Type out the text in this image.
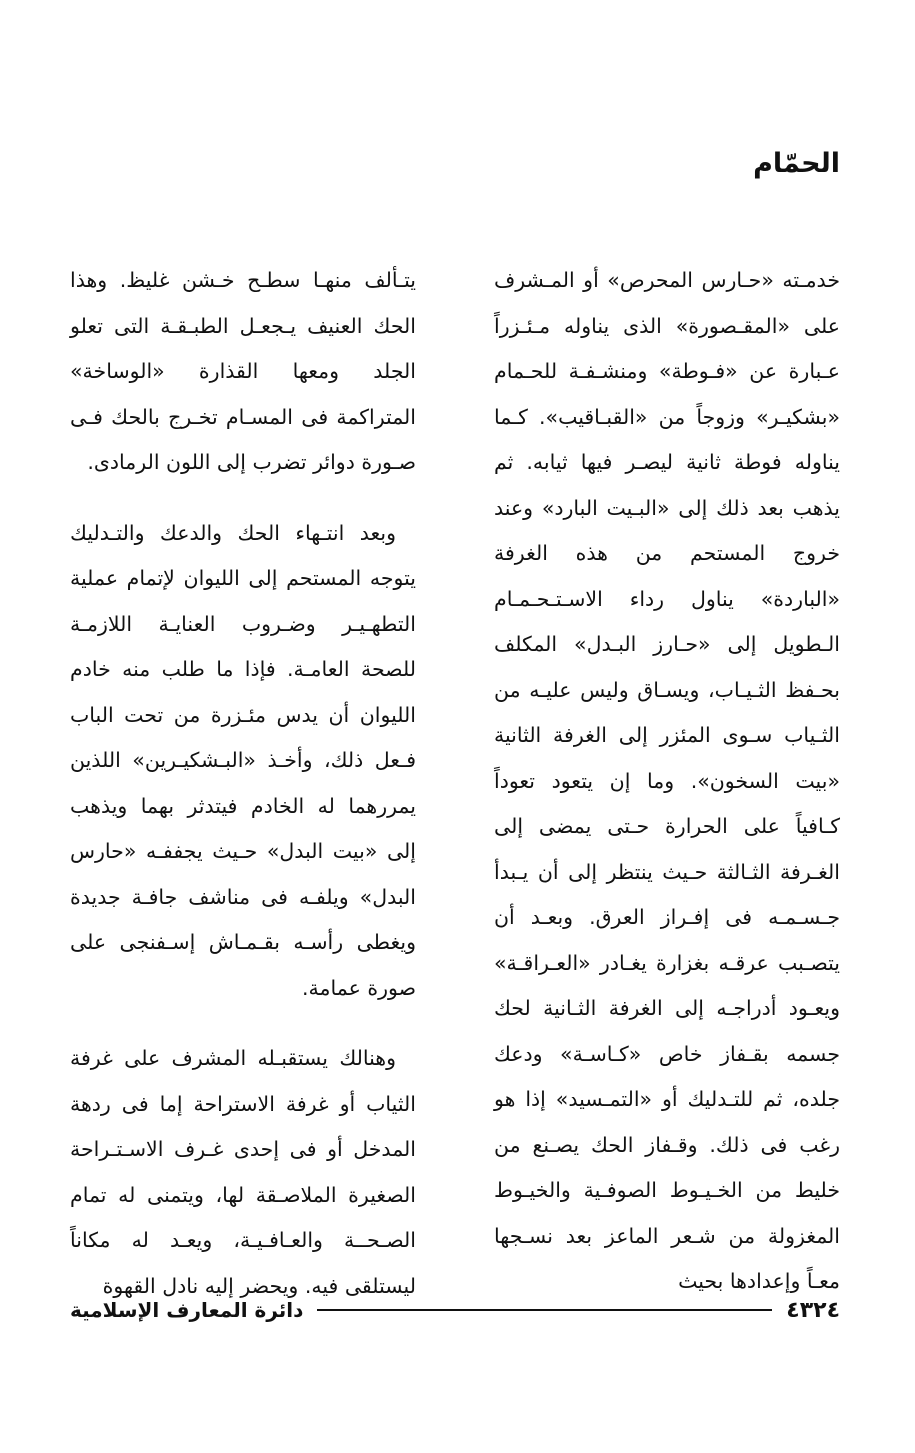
الحمّام

خدمـته «حـارس المحرص» أو المـشرف على «المقـصورة» الذى يناوله مـئـزراً عـبارة عن «فـوطة» ومنشـفـة للحـمام «بشكيـر» وزوجاً من «القبـاقيب». كـما يناوله فوطة ثانية ليصـر فيها ثيابه. ثم يذهب بعد ذلك إلى «البـيت البارد» وعند خروج المستحم من هذه الغرفة «الباردة» يناول رداء الاسـتـحـمـام الـطويل إلى «حـارز البـدل» المكلف بحـفظ الثـيـاب، ويسـاق وليس عليـه من الثـياب سـوى المئزر إلى الغرفة الثانية «بيت السخون». وما إن يتعود تعوداً كـافياً على الحرارة حـتى يمضى إلى الغـرفة الثـالثة حـيث ينتظر إلى أن يـبدأ جـسـمـه فى إفـراز العرق. وبعـد أن يتصـبب عرقـه بغزارة يغـادر «العـراقـة» ويعـود أدراجـه إلى الغرفة الثـانية لحك جسمه بقـفاز خاص «كـاسـة» ودعك جلده، ثم للتـدليك أو «التمـسيد» إذا هو رغب فى ذلك. وقـفاز الحك يصـنع من خليط من الخـيـوط الصوفـية والخيـوط المغزولة من شـعر الماعز بعد نسـجها معـاً وإعدادها بحيث

يتـألف منهـا سطـح خـشن غليظ. وهذا الحك العنيف يـجعـل الطبـقـة التى تعلو الجلد ومعها القذارة «الوساخة» المتراكمة فى المسـام تخـرج بالحك فـى صـورة دوائر تضرب إلى اللون الرمادى.

وبعد انتـهاء الحك والدعك والتـدليك يتوجه المستحم إلى الليوان لإتمام عملية التطهـيـر وضـروب العنايـة اللازمـة للصحة العامـة. فإذا ما طلب منه خادم الليوان أن يدس مئـزرة من تحت الباب فـعل ذلك، وأخـذ «البـشكيـرين» اللذين يمررهما له الخادم فيتدثر بهما ويذهب إلى «بيت البدل» حـيث يجففـه «حارس البدل» ويلفـه فى مناشف جافـة جديدة ويغطى رأسـه بقـمـاش إسـفنجى على صورة عمامة.

وهنالك يستقبـله المشرف على غرفة الثياب أو غرفة الاستراحة إما فى ردهة المدخل أو فى إحدى غـرف الاسـتـراحة الصغيرة الملاصـقة لها، ويتمنى له تمام الصـحــة والعـافـيـة، ويعـد له مكاناً ليستلقى فيه. ويحضر إليه نادل القهوة

دائرة المعارف الإسلامية	٤٣٢٤
